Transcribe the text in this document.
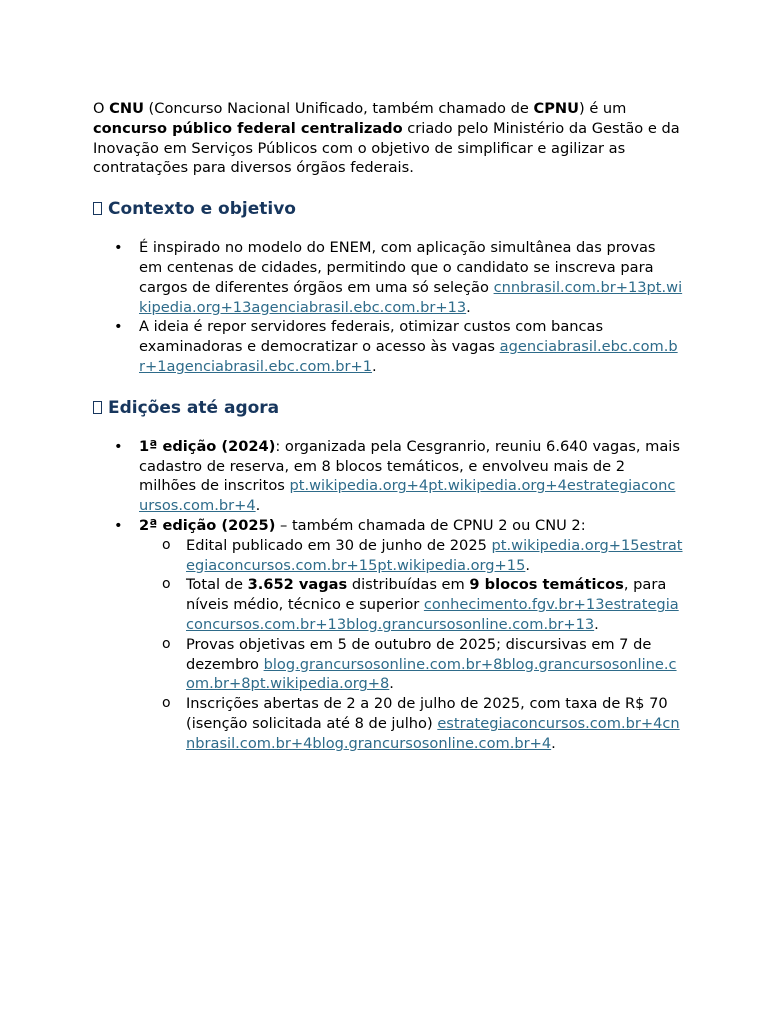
O CNU (Concurso Nacional Unificado, também chamado de CPNU) é um concurso público federal centralizado criado pelo Ministério da Gestão e da Inovação em Serviços Públicos com o objetivo de simplificar e agilizar as contratações para diversos órgãos federais.

Contexto e objetivo
• É inspirado no modelo do ENEM, com aplicação simultânea das provas em centenas de cidades, permitindo que o candidato se inscreva para cargos de diferentes órgãos em uma só seleção cnnbrasil.com.br+13pt.wikipedia.org+13agenciabrasil.ebc.com.br+13.
• A ideia é repor servidores federais, otimizar custos com bancas examinadoras e democratizar o acesso às vagas agenciabrasil.ebc.com.br+1agenciabrasil.ebc.com.br+1.
Edições até agora
• 1ª edição (2024): organizada pela Cesgranrio, reuniu 6.640 vagas, mais cadastro de reserva, em 8 blocos temáticos, e envolveu mais de 2 milhões de inscritos pt.wikipedia.org+4pt.wikipedia.org+4estrategiaconcursos.com.br+4.
• 2ª edição (2025) – também chamada de CPNU 2 ou CNU 2:
o Edital publicado em 30 de junho de 2025 pt.wikipedia.org+15estrategiaconcursos.com.br+15pt.wikipedia.org+15.
o Total de 3.652 vagas distribuídas em 9 blocos temáticos, para níveis médio, técnico e superior conhecimento.fgv.br+13estrategiaconcursos.com.br+13blog.grancursosonline.com.br+13.
o Provas objetivas em 5 de outubro de 2025; discursivas em 7 de dezembro blog.grancursosonline.com.br+8blog.grancursosonline.com.br+8pt.wikipedia.org+8.
o Inscrições abertas de 2 a 20 de julho de 2025, com taxa de R$ 70 (isenção solicitada até 8 de julho) estrategiaconcursos.com.br+4cnnbrasil.com.br+4blog.grancursosonline.com.br+4.
